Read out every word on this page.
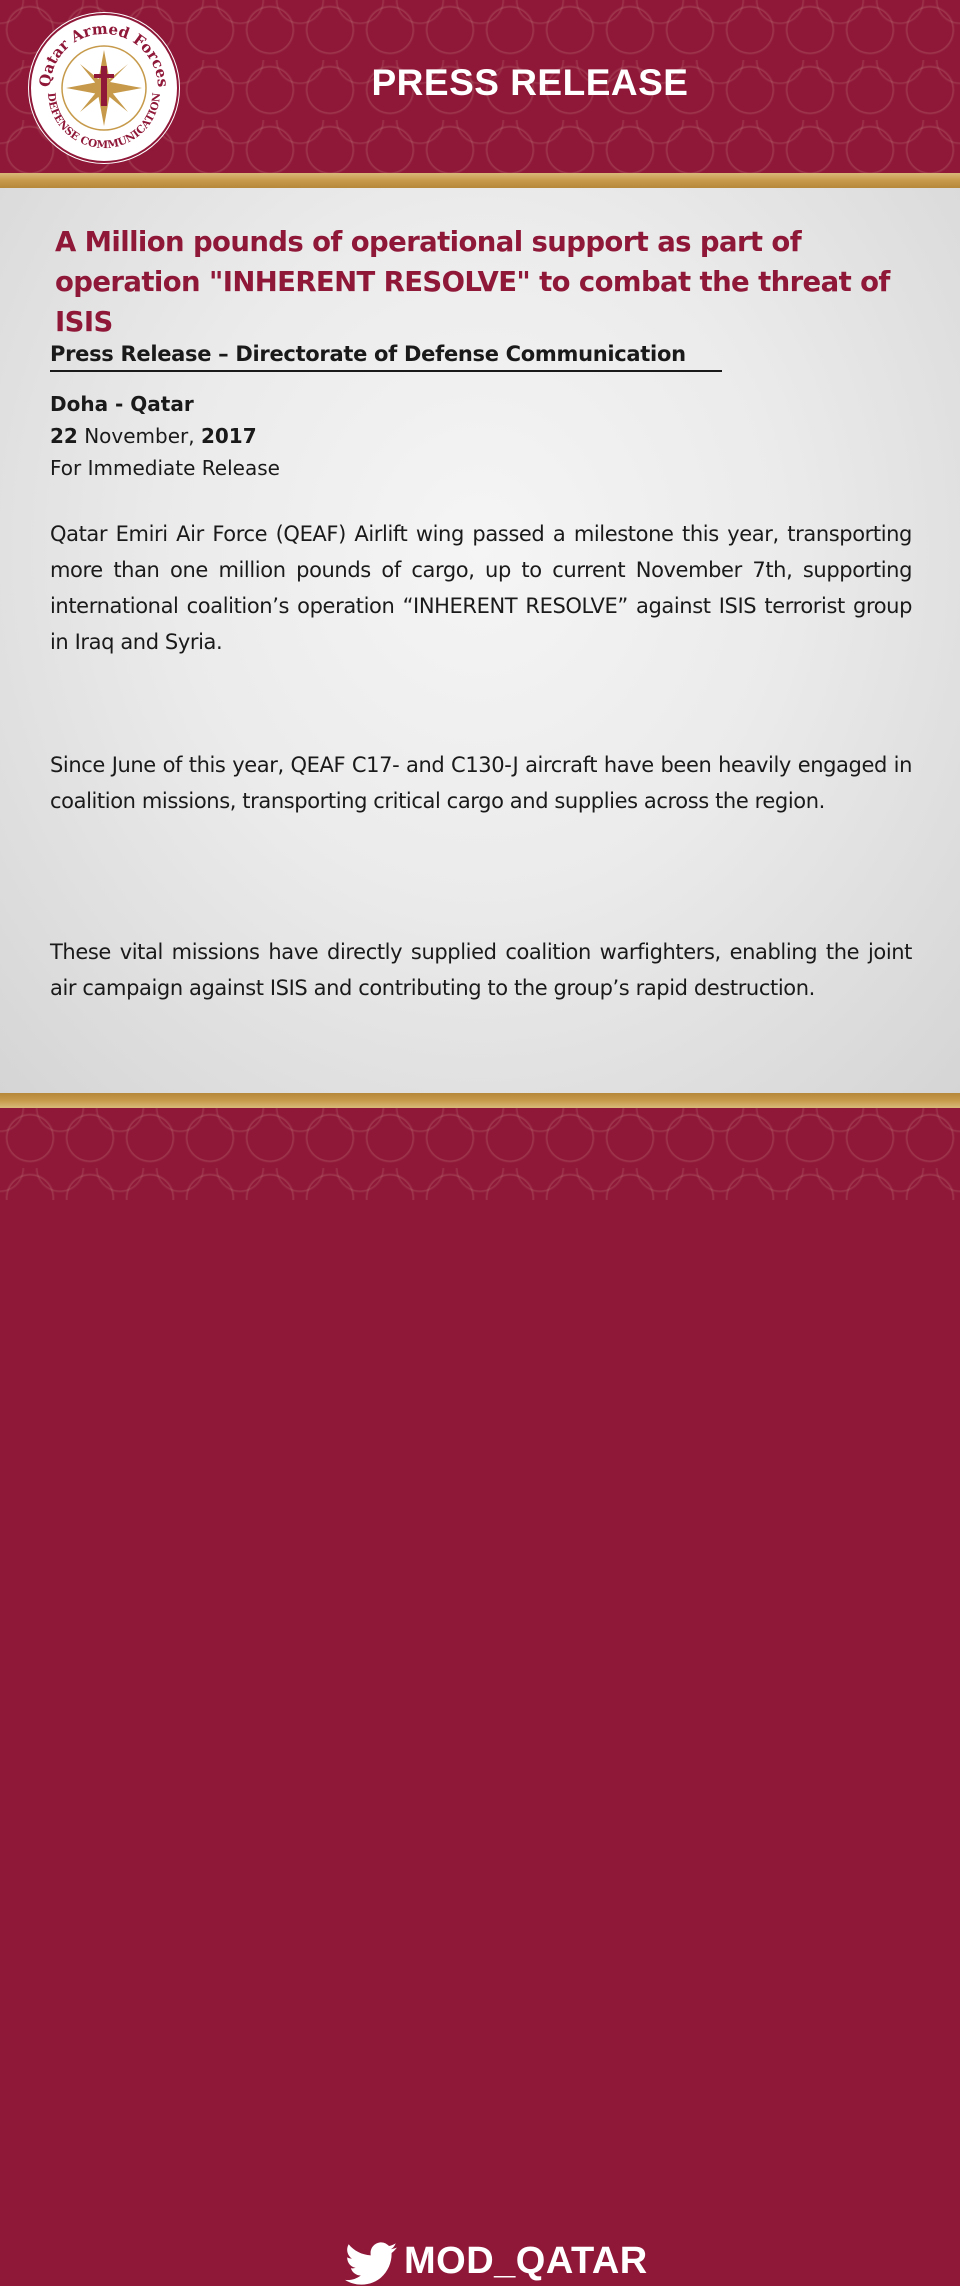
Qatar Armed Forces
DEFENSE COMMUNICATION	PRESS RELEASE
A Million pounds of operational support as part of
operation "INHERENT RESOLVE" to combat the threat of ISIS
Press Release – Directorate of Defense Communication
Doha - Qatar
22 November, 2017
For Immediate Release
Qatar Emiri Air Force (QEAF) Airlift wing passed a milestone this year, transporting more than one million pounds of cargo, up to current November 7th, supporting international coalition’s operation “INHERENT RESOLVE” against ISIS terrorist group in Iraq and Syria.
Since June of this year, QEAF C17- and C130-J aircraft have been heavily engaged in coalition missions, transporting critical cargo and supplies across the region.
These vital missions have directly supplied coalition warfighters, enabling the joint air campaign against ISIS and contributing to the group’s rapid destruction.
MOD_QATAR
